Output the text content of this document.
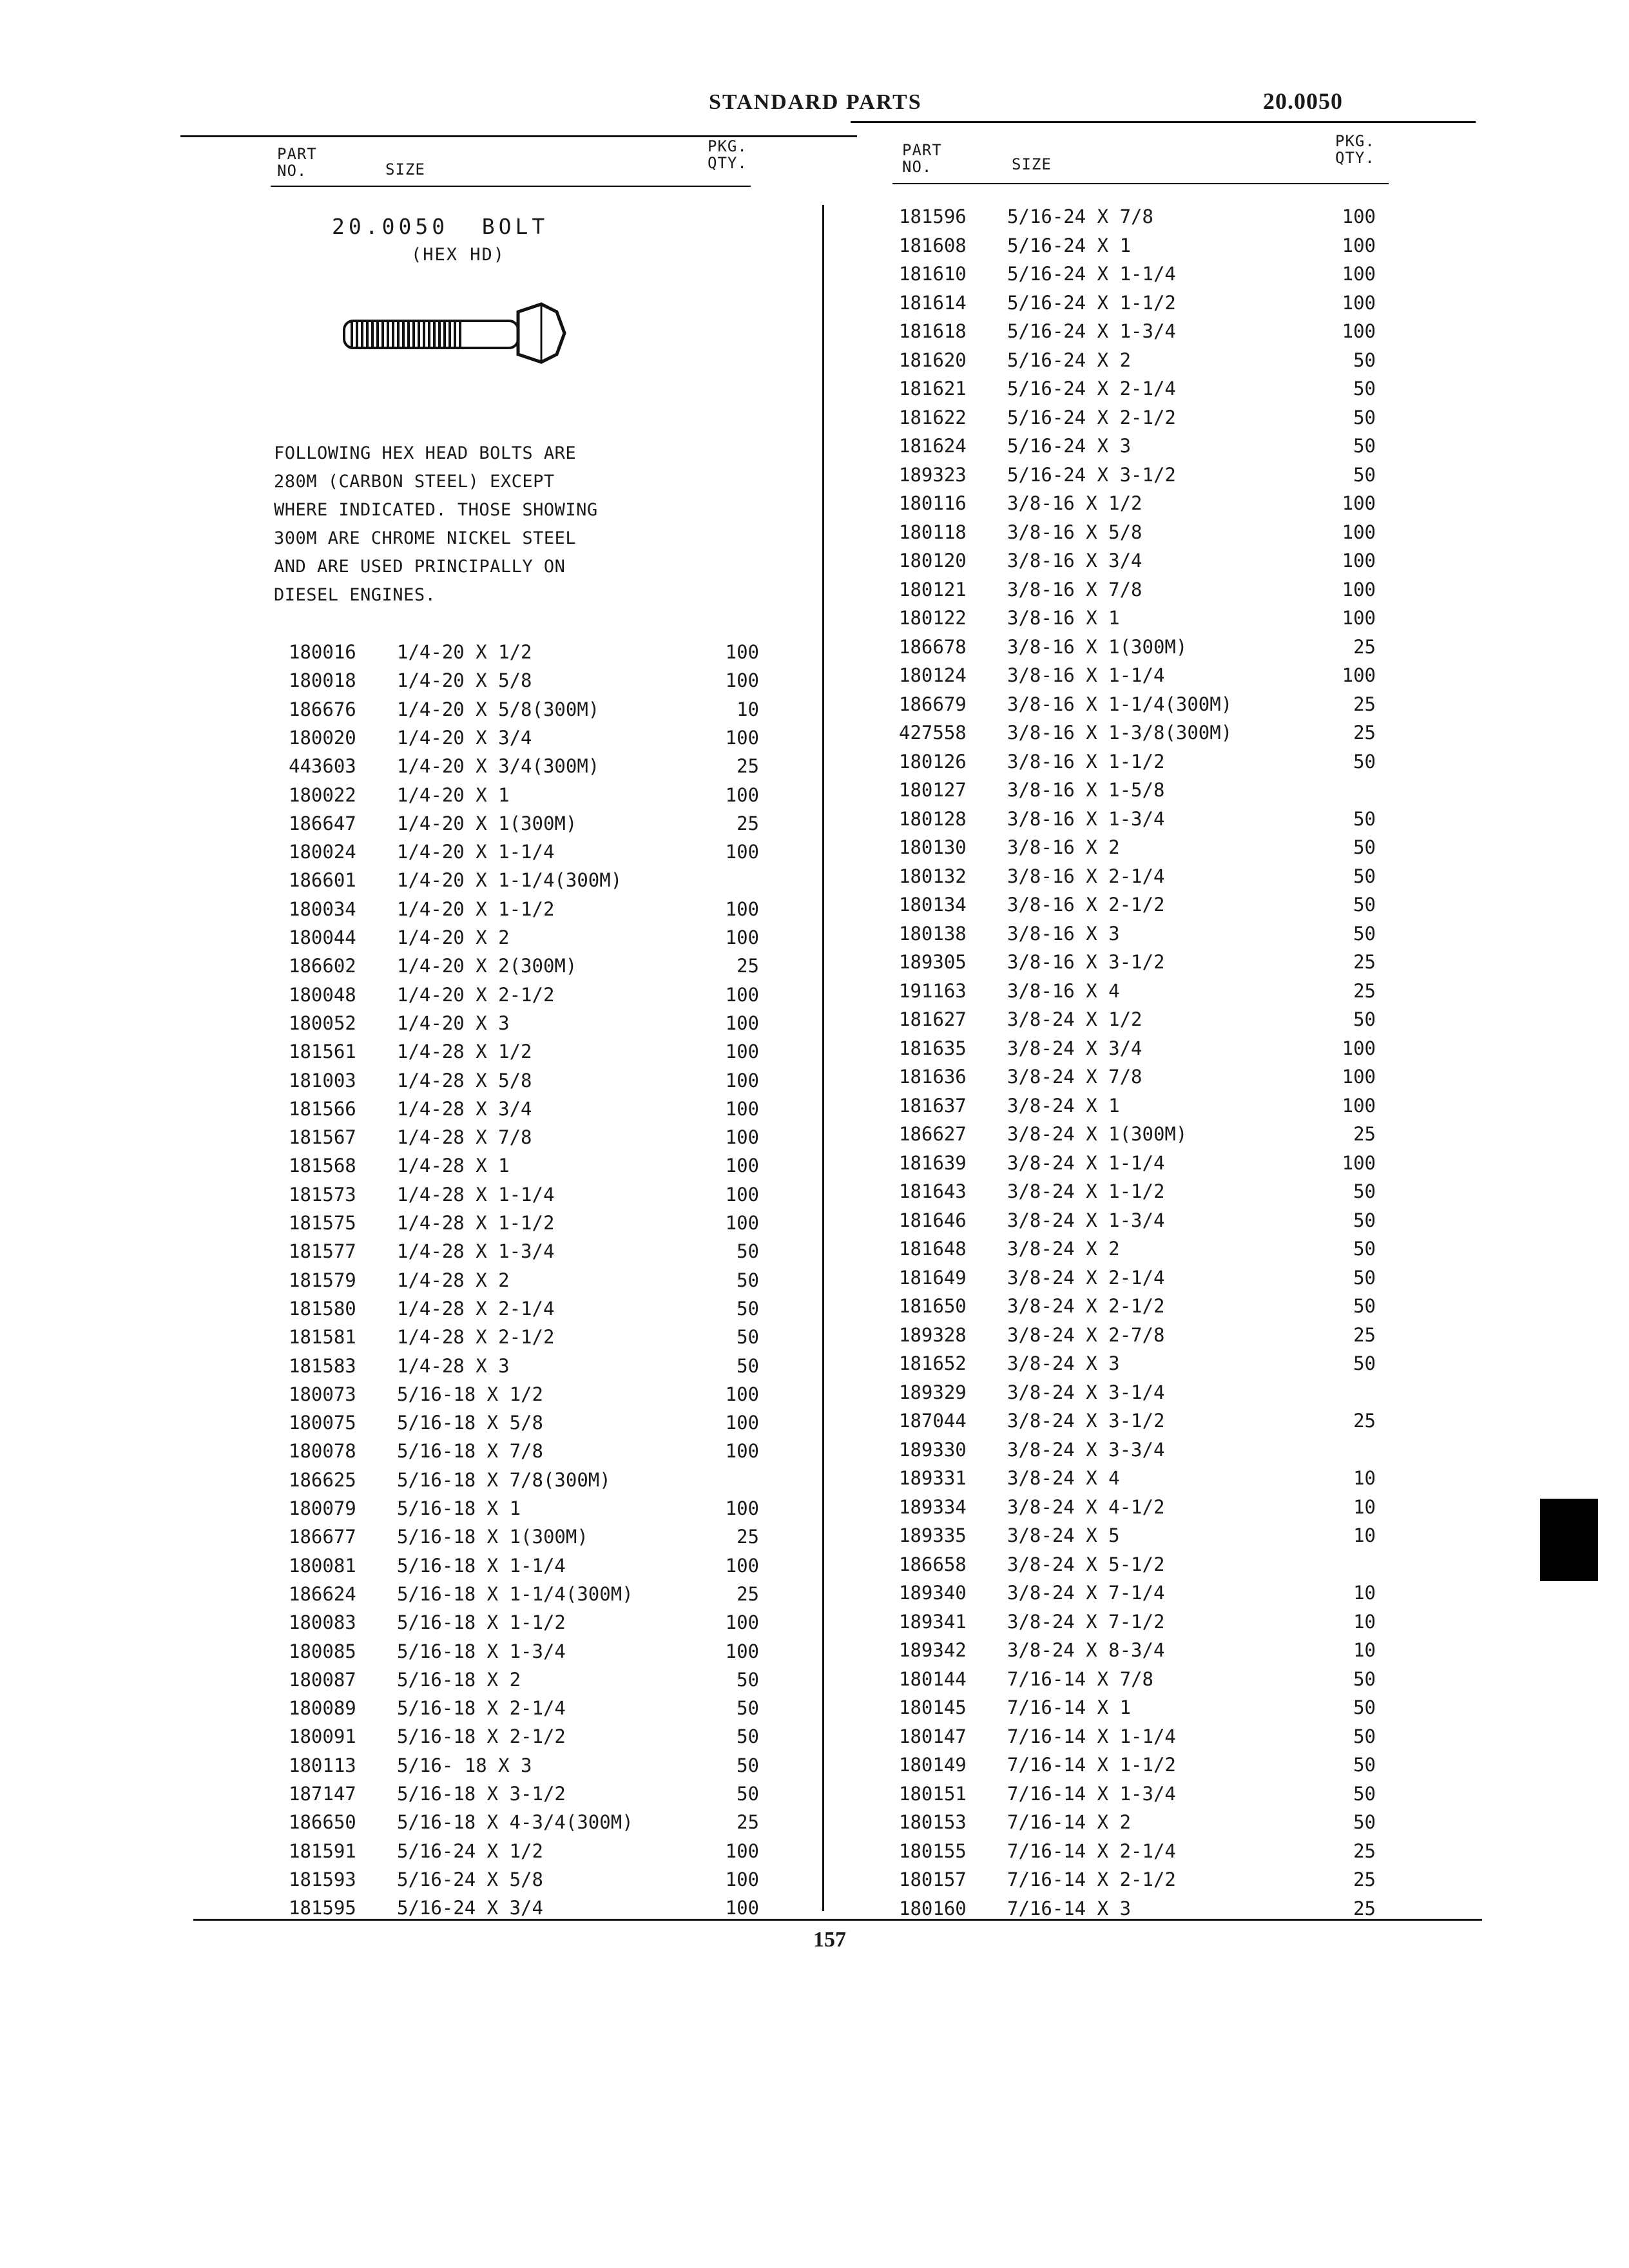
STANDARD PARTS	20.0050
PART
NO.	SIZE
PKG.
QTY.
PART
NO.	SIZE
PKG.
QTY.
20.0050  BOLT
(HEX HD)
FOLLOWING HEX HEAD BOLTS ARE
280M (CARBON STEEL) EXCEPT
WHERE INDICATED. THOSE SHOWING
300M ARE CHROME NICKEL STEEL
AND ARE USED PRINCIPALLY ON
DIESEL ENGINES.
180016 1/4-20 X 1/2	100
180018 1/4-20 X 5/8	100
186676 1/4-20 X 5/8(300M)	10
180020 1/4-20 X 3/4	100
443603 1/4-20 X 3/4(300M)	25
180022 1/4-20 X 1	100
186647 1/4-20 X 1(300M)	25
180024 1/4-20 X 1-1/4	100
186601 1/4-20 X 1-1/4(300M)
180034 1/4-20 X 1-1/2	100
180044 1/4-20 X 2	100
186602 1/4-20 X 2(300M)	25
180048 1/4-20 X 2-1/2	100
180052 1/4-20 X 3	100
181561 1/4-28 X 1/2	100
181003 1/4-28 X 5/8	100
181566 1/4-28 X 3/4	100
181567 1/4-28 X 7/8	100
181568 1/4-28 X 1	100
181573 1/4-28 X 1-1/4	100
181575 1/4-28 X 1-1/2	100
181577 1/4-28 X 1-3/4	50
181579 1/4-28 X 2	50
181580 1/4-28 X 2-1/4	50
181581 1/4-28 X 2-1/2	50
181583 1/4-28 X 3	50
180073 5/16-18 X 1/2	100
180075 5/16-18 X 5/8	100
180078 5/16-18 X 7/8	100
186625 5/16-18 X 7/8(300M)
180079 5/16-18 X 1	100
186677 5/16-18 X 1(300M)	25
180081 5/16-18 X 1-1/4	100
186624 5/16-18 X 1-1/4(300M)	25
180083 5/16-18 X 1-1/2	100
180085 5/16-18 X 1-3/4	100
180087 5/16-18 X 2	50
180089 5/16-18 X 2-1/4	50
180091 5/16-18 X 2-1/2	50
180113 5/16- 18 X 3	50
187147 5/16-18 X 3-1/2	50
186650 5/16-18 X 4-3/4(300M)	25
181591 5/16-24 X 1/2	100
181593 5/16-24 X 5/8	100
181595 5/16-24 X 3/4	100
181596 5/16-24 X 7/8	100
181608 5/16-24 X 1	100
181610 5/16-24 X 1-1/4	100
181614 5/16-24 X 1-1/2	100
181618 5/16-24 X 1-3/4	100
181620 5/16-24 X 2	50
181621 5/16-24 X 2-1/4	50
181622 5/16-24 X 2-1/2	50
181624 5/16-24 X 3	50
189323 5/16-24 X 3-1/2	50
180116 3/8-16 X 1/2	100
180118 3/8-16 X 5/8	100
180120 3/8-16 X 3/4	100
180121 3/8-16 X 7/8	100
180122 3/8-16 X 1	100
186678 3/8-16 X 1(300M)	25
180124 3/8-16 X 1-1/4	100
186679 3/8-16 X 1-1/4(300M)	25
427558 3/8-16 X 1-3/8(300M)	25
180126 3/8-16 X 1-1/2	50
180127 3/8-16 X 1-5/8
180128 3/8-16 X 1-3/4	50
180130 3/8-16 X 2	50
180132 3/8-16 X 2-1/4	50
180134 3/8-16 X 2-1/2	50
180138 3/8-16 X 3	50
189305 3/8-16 X 3-1/2	25
191163 3/8-16 X 4	25
181627 3/8-24 X 1/2	50
181635 3/8-24 X 3/4	100
181636 3/8-24 X 7/8	100
181637 3/8-24 X 1	100
186627 3/8-24 X 1(300M)	25
181639 3/8-24 X 1-1/4	100
181643 3/8-24 X 1-1/2	50
181646 3/8-24 X 1-3/4	50
181648 3/8-24 X 2	50
181649 3/8-24 X 2-1/4	50
181650 3/8-24 X 2-1/2	50
189328 3/8-24 X 2-7/8	25
181652 3/8-24 X 3	50
189329 3/8-24 X 3-1/4
187044 3/8-24 X 3-1/2	25
189330 3/8-24 X 3-3/4
189331 3/8-24 X 4	10
189334 3/8-24 X 4-1/2	10
189335 3/8-24 X 5	10
186658 3/8-24 X 5-1/2
189340 3/8-24 X 7-1/4	10
189341 3/8-24 X 7-1/2	10
189342 3/8-24 X 8-3/4	10
180144 7/16-14 X 7/8	50
180145 7/16-14 X 1	50
180147 7/16-14 X 1-1/4	50
180149 7/16-14 X 1-1/2	50
180151 7/16-14 X 1-3/4	50
180153 7/16-14 X 2	50
180155 7/16-14 X 2-1/4	25
180157 7/16-14 X 2-1/2	25
180160 7/16-14 X 3	25
157
